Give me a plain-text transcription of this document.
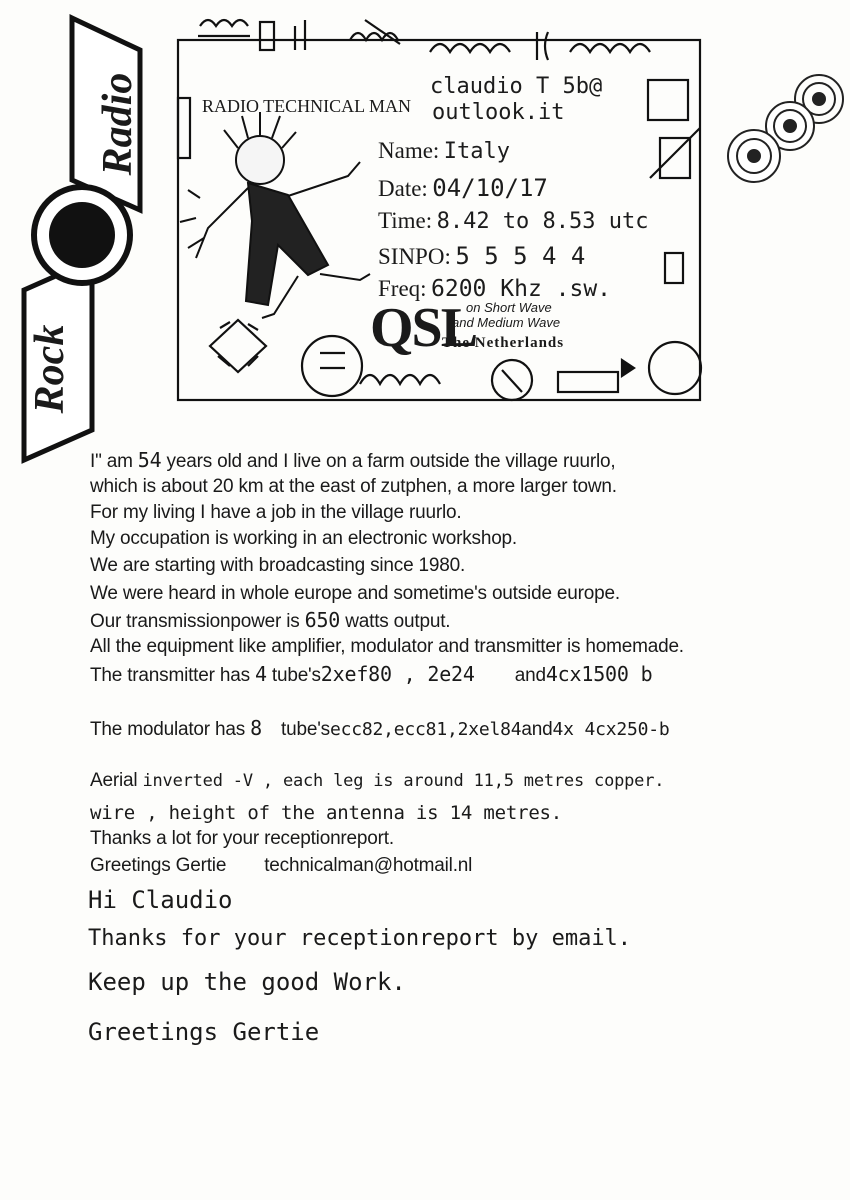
Radio
Rock
RADIO TECHNICAL MAN
claudio T 5b@
outlook.it
Name: Italy
Date: 04/10/17
Time: 8.42 to 8.53 utc
SINPO: 5 5 5 4 4
Freq: 6200 Khz .sw.
QSL
on Short Wave
and Medium Wave
The Netherlands
I" am 54 years old and I live on a farm outside the village ruurlo,
which is about 20 km at the east of zutphen, a more larger town.
For my living I have a job in the village ruurlo.
My occupation is working in an electronic workshop.
We are starting with broadcasting since 1980.
We were heard in whole europe and sometime's outside europe.
Our transmissionpower is 650 watts output.
All the equipment like amplifier, modulator and transmitter is homemade.
The transmitter has 4 tube's2xef80 , 2e24 and4cx1500 b
The modulator has 8 tube'secc82,ecc81,2xel84and4x 4cx250-b
Aerial inverted -V , each leg is around 11,5 metres copper.
wire , height of the antenna is 14 metres.
Thanks a lot for your receptionreport.
Greetings Gertie technicalman@hotmail.nl
Hi Claudio
Thanks for your receptionreport by email.
Keep up the good Work.
Greetings Gertie
